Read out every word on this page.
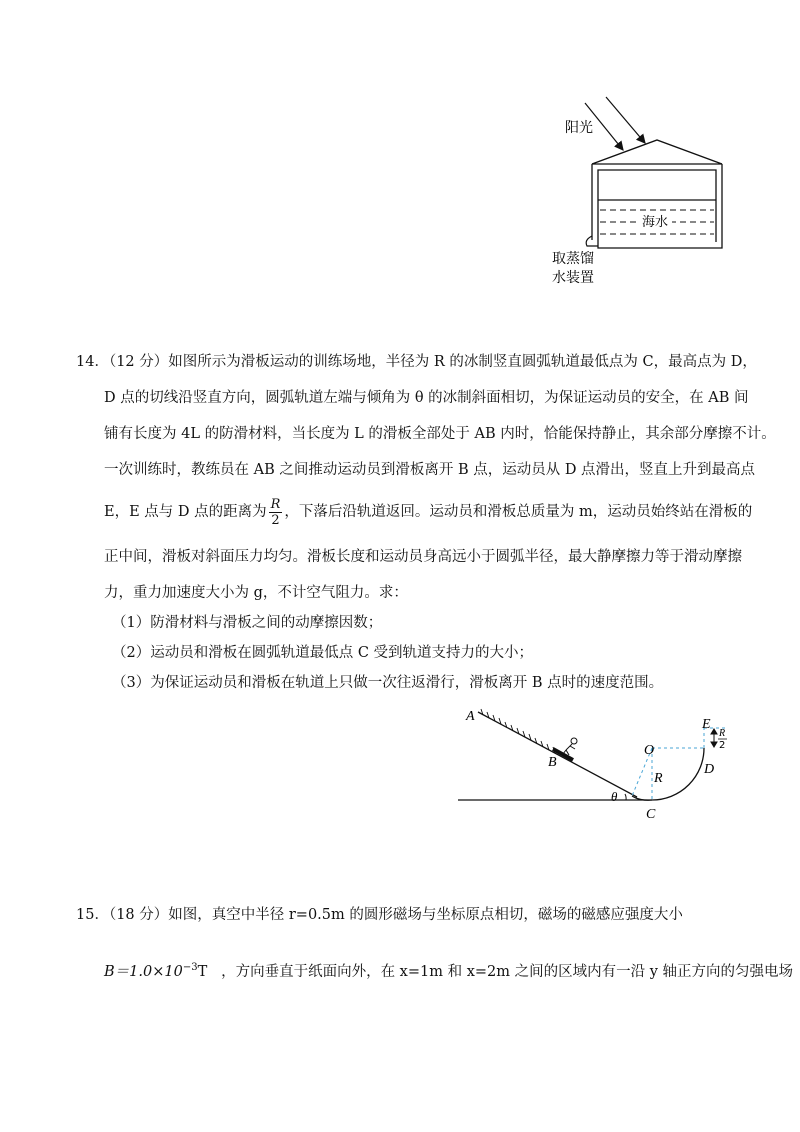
阳光
海水
取蒸馏
水装置
14．（12 分）如图所示为滑板运动的训练场地，半径为 R 的冰制竖直圆弧轨道最低点为 C，最高点为 D，
D 点的切线沿竖直方向，圆弧轨道左端与倾角为 θ 的冰制斜面相切，为保证运动员的安全，在 AB 间
铺有长度为 4L 的防滑材料，当长度为 L 的滑板全部处于 AB 内时，恰能保持静止，其余部分摩擦不计。
一次训练时，教练员在 AB 之间推动运动员到滑板离开 B 点，运动员从 D 点滑出，竖直上升到最高点
E，E 点与 D 点的距离为 $\frac{R}{2}$ ，下落后沿轨道返回。运动员和滑板总质量为 m，运动员始终站在滑板的
正中间，滑板对斜面压力均匀。滑板长度和运动员身高远小于圆弧半径，最大静摩擦力等于滑动摩擦
力，重力加速度大小为 g，不计空气阻力。求：
（1）防滑材料与滑板之间的动摩擦因数；
（2）运动员和滑板在圆弧轨道最低点 C 受到轨道支持力的大小；
（3）为保证运动员和滑板在轨道上只做一次往返滑行，滑板离开 B 点时的速度范围。
A
B
C
D
E
O
R
θ
R
2
15．（18 分）如图，真空中半径 r=0.5m 的圆形磁场与坐标原点相切，磁场的磁感应强度大小
$B=1.0\times 10^{-3}T$ ，方向垂直于纸面向外，在 x=1m 和 x=2m 之间的区域内有一沿 y 轴正方向的匀强电场
